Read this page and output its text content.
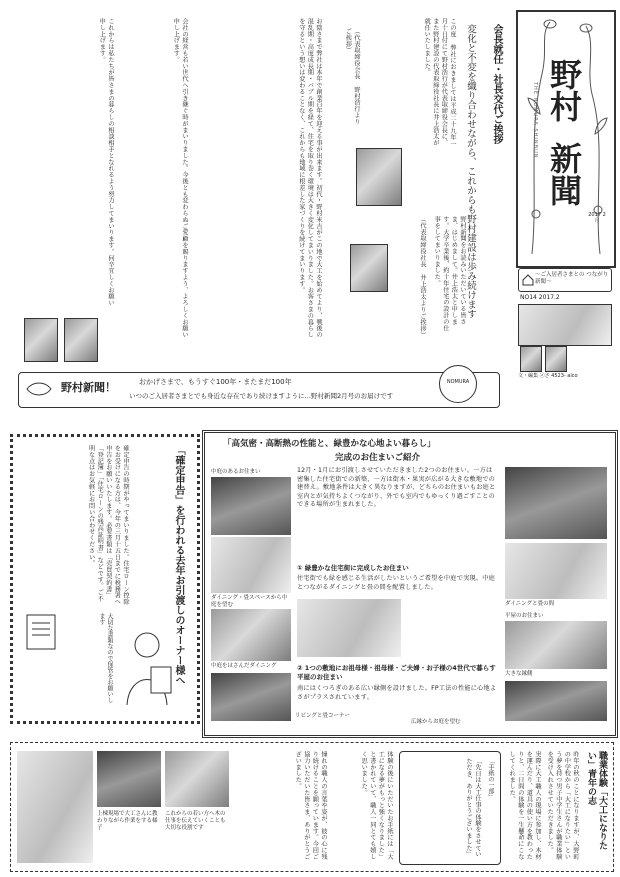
野村
新聞
THE NOMURA SHINBUN
2017 2月
〜ご入居者さまとの つながり新聞〜
NO14 2017.2
文・編集 ⓐさ 4523- aico
会長就任・社長交代ご挨拶
変化と不変を織り合わせながら、これからも野村建設は歩み続けます
この度 弊社におきましては平成二十九年一月十日付にて野村浩行が代表取締役会長に、また野村建設の代表取締役社長に井上浩太が就任いたしました。
（代表取締役会長 野村浩行より ご挨拶）
お陰さまで弊社は本年で創業百年を迎える事が出来ます。初代・野村米吉がこの地で大工を始めてより、戦後の混乱期・高度成長期・バブル期を経て、住宅を取り巻く環境は大きく変化してまいりました。お客さまの暮らしを守るという想いは変わることなく、これからも地域に根差した家づくりを続けてまいります。	（代表取締役社長 井上浩太よりご挨拶）	野村新聞をお読みいただいている皆さま、はじめまして。井上浩太と申します。大学卒業後、約十年住宅の設計の仕事をしてまいりました。
会社の経営も若い世代へ引き継ぐ時がまいりました。今後とも変わらぬご愛顧を賜りますよう、よろしくお願い申し上げます。
これからは私たちが皆さまの暮らしの相談相手となれるよう努力してまいります。何卒宜しくお願い申し上げます。
野村新聞！	おかげさまで、もうすぐ100年・またまだ100年
いつのご入居者さまとでも身近な存在であり続けますように…野村新聞2月号のお届けです
NOMURA
「確定申告」を行われる去年お引渡しのオーナー様へ
確定申告の時期がやってまいりました。住宅ローン控除をお受けになる方は、今年の三月十五日までに税務署へ申告をお願いいたします。必要書類は「売買契約書」「登記簿」「住宅ローンの残高証明書」などです。ご不明な点はお気軽にお問い合わせください。
大切な書類なので保管をお願いします
「高気密・高断熱の性能と、緑豊かな心地よい暮らし」
完成のお住まいご紹介
中庭のあるお住まい
ダイニング・畳スペースから中庭を望む
中庭をはさんだダイニング
リビングと畳コーナー
12月・1月にお引渡しさせていただきました2つのお住まい。一方は密集した住宅街での新築、一方は街木・果実が広がる大きな敷地での建替え。敷地条件は大きく異なりますが、どちらのお住まいもお庭と室内とが気持ちよくつながり、外でも室内でもゆっくり過ごすことのできる場所が生まれました。
① 緑豊かな住宅街に完成したお住まい
住宅街でも緑を感じる生活がしたいというご希望を中庭で実現。中庭とつながるダイニングと畳の間を配置しました。
② 1つの敷地にお祖母様・祖母様・ご夫婦・お子様の4世代で暮らす平屋のお住まい
南にはくつろぎのある広い縁側を設けました。FP工法の性能に心地よさがプラスされています。
ダイニングと畳の間
平屋のお住まい
大きな縁側
広縁からお庭を望む
職業体験「大工になりたい」青年の志
昨年の秋のことになりますが、大野町の中学校から「大工になりたい」という夢を持つ男子中学生さんが職業体験を受け入れさせていただきました。
実際に大工職人の現場に参加し、木材を運んだり、道具の使い方を教わったりと、二日間の体験を一生懸命にこなしてくれました。
「手紙の一部」
「先日は大工仕事の体験をさせていただき、ありがとうございました」
体験の後にいただいたお手紙には「大工になる夢がもっと強くなりました」と書かれていて、職人一同とても嬉しく思いました。
憧れの職人の言葉や姿が、彼の心に残り続けることを願っています。今回ご協力いただいた皆さま、ありがとうございました。
上棟現場で大工さんに教わりながら作業をする様子
これからの若い方へ木の仕事を伝えていくことも大切な役割です
